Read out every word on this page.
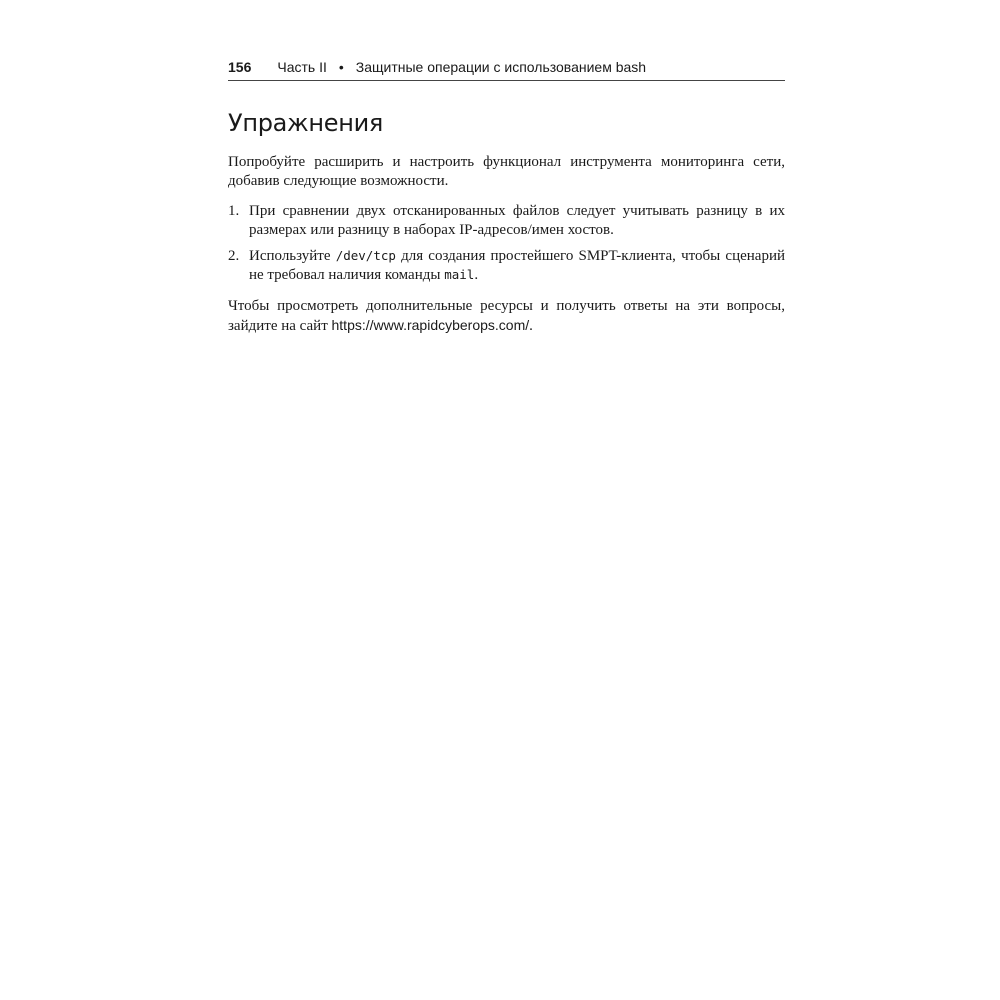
156 Часть II • Защитные операции с использованием bash
Упражнения

Попробуйте расширить и настроить функционал инструмента мониторинга сети, добавив следующие возможности.

1. При сравнении двух отсканированных файлов следует учитывать разницу в их размерах или разницу в наборах IP-адресов/имен хостов.
2. Используйте /dev/tcp для создания простейшего SMPT-клиента, чтобы сценарий не требовал наличия команды mail.

Чтобы просмотреть дополнительные ресурсы и получить ответы на эти вопросы, зайдите на сайт https://www.rapidcyberops.com/.
